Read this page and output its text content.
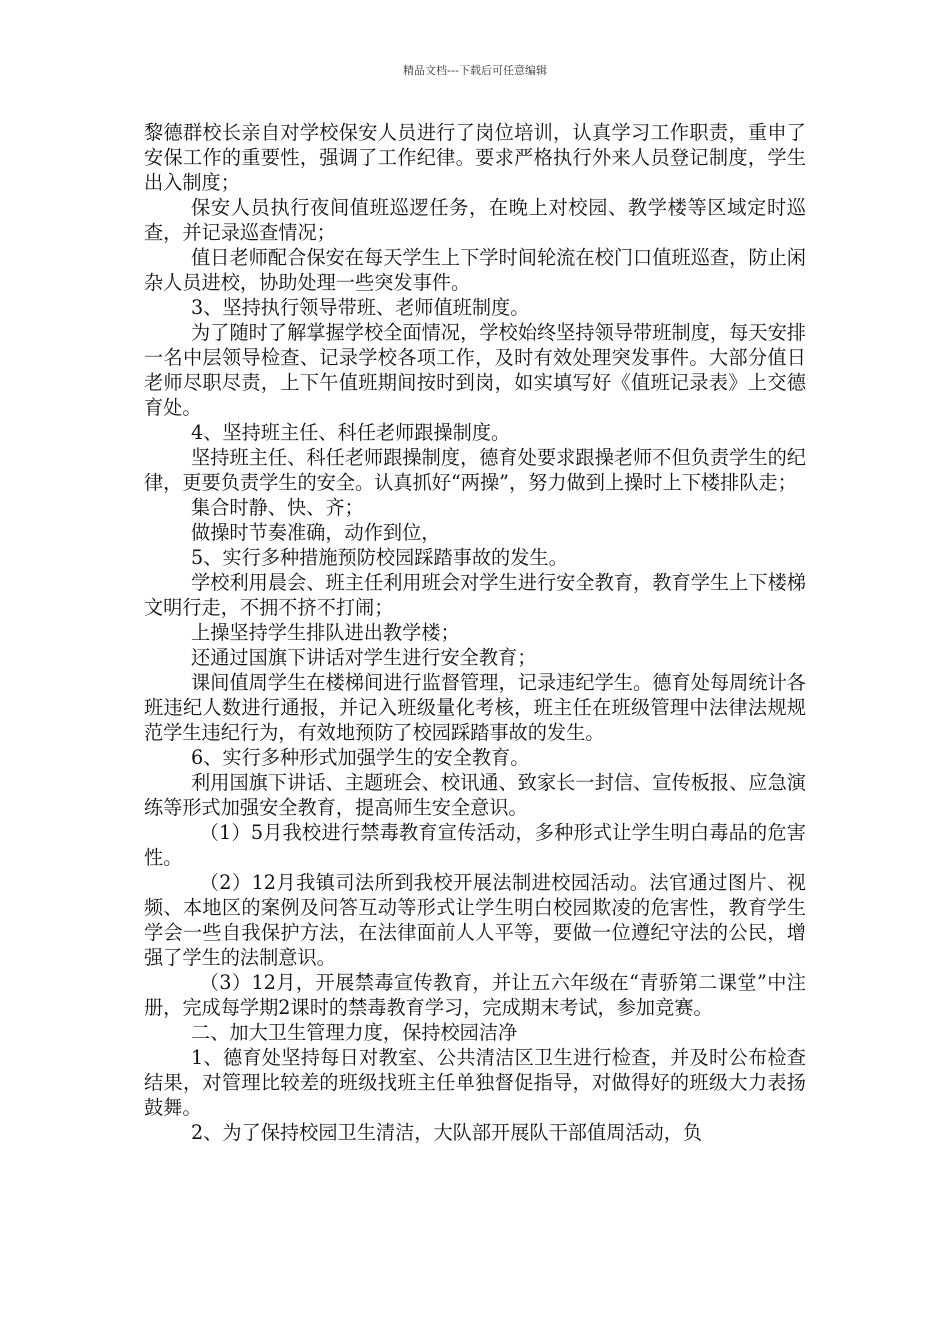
精品文档---下载后可任意编辑

黎德群校长亲自对学校保安人员进行了岗位培训，认真学习工作职责，重申了安保工作的重要性，强调了工作纪律。要求严格执行外来人员登记制度，学生出入制度；

保安人员执行夜间值班巡逻任务，在晚上对校园、教学楼等区域定时巡查，并记录巡查情况；

值日老师配合保安在每天学生上下学时间轮流在校门口值班巡查，防止闲杂人员进校，协助处理一些突发事件。

3、坚持执行领导带班、老师值班制度。

为了随时了解掌握学校全面情况，学校始终坚持领导带班制度，每天安排一名中层领导检查、记录学校各项工作，及时有效处理突发事件。大部分值日老师尽职尽责，上下午值班期间按时到岗，如实填写好《值班记录表》上交德育处。

4、坚持班主任、科任老师跟操制度。

坚持班主任、科任老师跟操制度，德育处要求跟操老师不但负责学生的纪律，更要负责学生的安全。认真抓好“两操”，努力做到上操时上下楼排队走；

集合时静、快、齐；

做操时节奏准确，动作到位，

5、实行多种措施预防校园踩踏事故的发生。

学校利用晨会、班主任利用班会对学生进行安全教育，教育学生上下楼梯文明行走，不拥不挤不打闹；

上操坚持学生排队进出教学楼；

还通过国旗下讲话对学生进行安全教育；

课间值周学生在楼梯间进行监督管理，记录违纪学生。德育处每周统计各班违纪人数进行通报，并记入班级量化考核，班主任在班级管理中法律法规规范学生违纪行为，有效地预防了校园踩踏事故的发生。

6、实行多种形式加强学生的安全教育。

利用国旗下讲话、主题班会、校讯通、致家长一封信、宣传板报、应急演练等形式加强安全教育，提高师生安全意识。

（1）5月我校进行禁毒教育宣传活动，多种形式让学生明白毒品的危害性。

（2）12月我镇司法所到我校开展法制进校园活动。法官通过图片、视频、本地区的案例及问答互动等形式让学生明白校园欺凌的危害性，教育学生学会一些自我保护方法，在法律面前人人平等，要做一位遵纪守法的公民，增强了学生的法制意识。

（3）12月，开展禁毒宣传教育，并让五六年级在“青骄第二课堂”中注册，完成每学期2课时的禁毒教育学习，完成期末考试，参加竞赛。

二、加大卫生管理力度，保持校园洁净

1、德育处坚持每日对教室、公共清洁区卫生进行检查，并及时公布检查结果，对管理比较差的班级找班主任单独督促指导，对做得好的班级大力表扬鼓舞。

2、为了保持校园卫生清洁，大队部开展队干部值周活动，负
